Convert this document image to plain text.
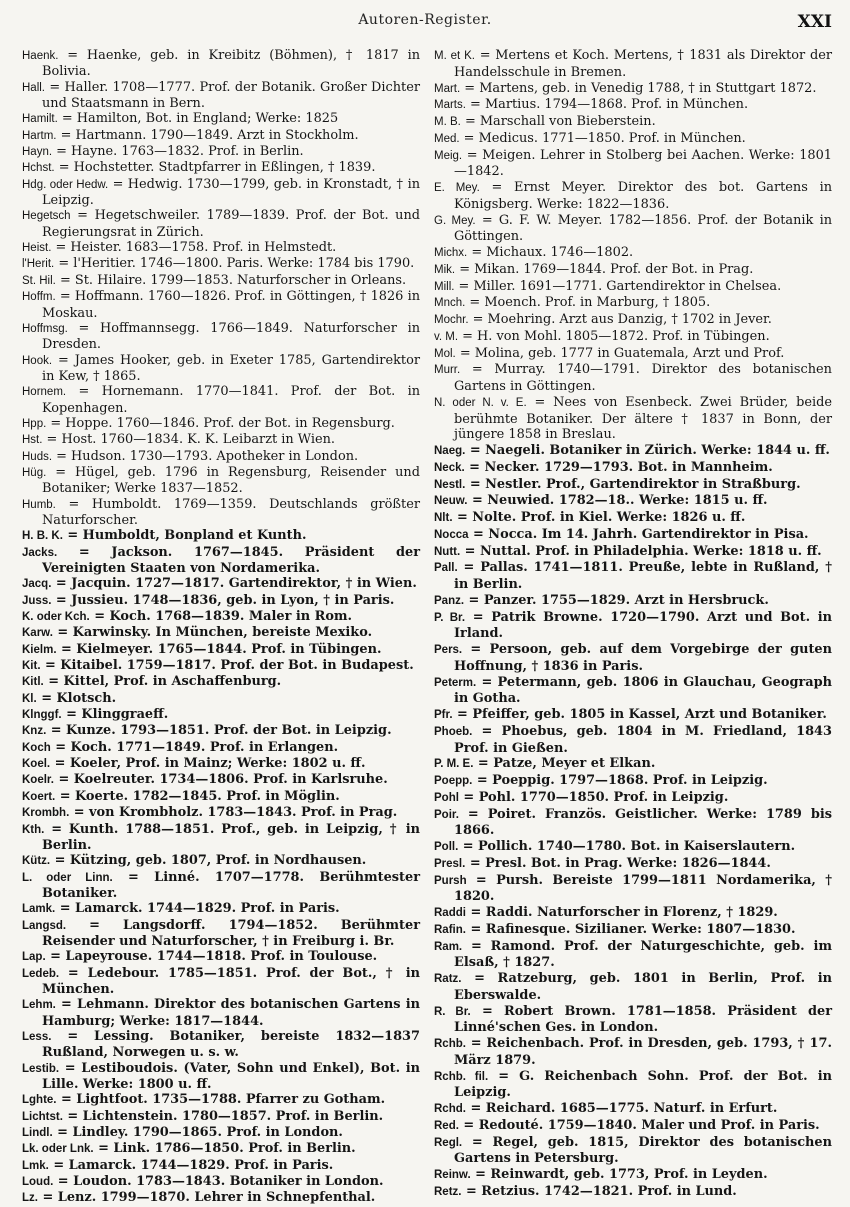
Autoren-Register.	XXI

Haenk. = Haenke, geb. in Kreibitz (Böhmen), † 1817 in Bolivia.

Hall. = Haller. 1708—1777. Prof. der Botanik. Großer Dichter und Staatsmann in Bern.

Hamilt. = Hamilton, Bot. in England; Werke: 1825

Hartm. = Hartmann. 1790—1849. Arzt in Stockholm.

Hayn. = Hayne. 1763—1832. Prof. in Berlin.

Hchst. = Hochstetter. Stadtpfarrer in Eßlingen, † 1839.

Hdg. oder Hedw. = Hedwig. 1730—1799, geb. in Kronstadt, † in Leipzig.

Hegetsch = Hegetschweiler. 1789—1839. Prof. der Bot. und Regierungsrat in Zürich.

Heist. = Heister. 1683—1758. Prof. in Helmstedt.

l'Herit. = l'Heritier. 1746—1800. Paris. Werke: 1784 bis 1790.

St. Hil. = St. Hilaire. 1799—1853. Naturforscher in Orleans.

Hoffm. = Hoffmann. 1760—1826. Prof. in Göttingen, † 1826 in Moskau.

Hoffmsg. = Hoffmannsegg. 1766—1849. Naturforscher in Dresden.

Hook. = James Hooker, geb. in Exeter 1785, Gartendirektor in Kew, † 1865.

Hornem. = Hornemann. 1770—1841. Prof. der Bot. in Kopenhagen.

Hpp. = Hoppe. 1760—1846. Prof. der Bot. in Regensburg.

Hst. = Host. 1760—1834. K. K. Leibarzt in Wien.

Huds. = Hudson. 1730—1793. Apotheker in London.

Hüg. = Hügel, geb. 1796 in Regensburg, Reisender und Botaniker; Werke 1837—1852.

Humb. = Humboldt. 1769—1359. Deutschlands größter Naturforscher.

H. B. K. = Humboldt, Bonpland et Kunth.

Jacks. = Jackson. 1767—1845. Präsident der Vereinigten Staaten von Nordamerika.

Jacq. = Jacquin. 1727—1817. Gartendirektor, † in Wien.

Juss. = Jussieu. 1748—1836, geb. in Lyon, † in Paris.

K. oder Kch. = Koch. 1768—1839. Maler in Rom.

Karw. = Karwinsky. In München, bereiste Mexiko.

Kielm. = Kielmeyer. 1765—1844. Prof. in Tübingen.

Kit. = Kitaibel. 1759—1817. Prof. der Bot. in Budapest.

Kitl. = Kittel, Prof. in Aschaffenburg.

Kl. = Klotsch.

Klnggf. = Klinggraeff.

Knz. = Kunze. 1793—1851. Prof. der Bot. in Leipzig.

Koch = Koch. 1771—1849. Prof. in Erlangen.

Koel. = Koeler, Prof. in Mainz; Werke: 1802 u. ff.

Koelr. = Koelreuter. 1734—1806. Prof. in Karlsruhe.

Koert. = Koerte. 1782—1845. Prof. in Möglin.

Krombh. = von Krombholz. 1783—1843. Prof. in Prag.

Kth. = Kunth. 1788—1851. Prof., geb. in Leipzig, † in Berlin.

Kütz. = Kützing, geb. 1807, Prof. in Nordhausen.

L. oder Linn. = Linné. 1707—1778. Berühmtester Botaniker.

Lamk. = Lamarck. 1744—1829. Prof. in Paris.

Langsd. = Langsdorff. 1794—1852. Berühmter Reisender und Naturforscher, † in Freiburg i. Br.

Lap. = Lapeyrouse. 1744—1818. Prof. in Toulouse.

Ledeb. = Ledebour. 1785—1851. Prof. der Bot., † in München.

Lehm. = Lehmann. Direktor des botanischen Gartens in Hamburg; Werke: 1817—1844.

Less. = Lessing. Botaniker, bereiste 1832—1837 Rußland, Norwegen u. s. w.

Lestib. = Lestiboudois. (Vater, Sohn und Enkel), Bot. in Lille. Werke: 1800 u. ff.

Lghte. = Lightfoot. 1735—1788. Pfarrer zu Gotham.

Lichtst. = Lichtenstein. 1780—1857. Prof. in Berlin.

Lindl. = Lindley. 1790—1865. Prof. in London.

Lk. oder Lnk. = Link. 1786—1850. Prof. in Berlin.

Lmk. = Lamarck. 1744—1829. Prof. in Paris.

Loud. = Loudon. 1783—1843. Botaniker in London.

Lz. = Lenz. 1799—1870. Lehrer in Schnepfenthal.

M. et K. = Mertens et Koch. Mertens, † 1831 als Direktor der Handelsschule in Bremen.

Mart. = Martens, geb. in Venedig 1788, † in Stuttgart 1872.

Marts. = Martius. 1794—1868. Prof. in München.

M. B. = Marschall von Bieberstein.

Med. = Medicus. 1771—1850. Prof. in München.

Meig. = Meigen. Lehrer in Stolberg bei Aachen. Werke: 1801—1842.

E. Mey. = Ernst Meyer. Direktor des bot. Gartens in Königsberg. Werke: 1822—1836.

G. Mey. = G. F. W. Meyer. 1782—1856. Prof. der Botanik in Göttingen.

Michx. = Michaux. 1746—1802.

Mik. = Mikan. 1769—1844. Prof. der Bot. in Prag.

Mill. = Miller. 1691—1771. Gartendirektor in Chelsea.

Mnch. = Moench. Prof. in Marburg, † 1805.

Mochr. = Moehring. Arzt aus Danzig, † 1702 in Jever.

v. M. = H. von Mohl. 1805—1872. Prof. in Tübingen.

Mol. = Molina, geb. 1777 in Guatemala, Arzt und Prof.

Murr. = Murray. 1740—1791. Direktor des botanischen Gartens in Göttingen.

N. oder N. v. E. = Nees von Esenbeck. Zwei Brüder, beide berühmte Botaniker. Der ältere † 1837 in Bonn, der jüngere 1858 in Breslau.

Naeg. = Naegeli. Botaniker in Zürich. Werke: 1844 u. ff.

Neck. = Necker. 1729—1793. Bot. in Mannheim.

Nestl. = Nestler. Prof., Gartendirektor in Straßburg.

Neuw. = Neuwied. 1782—18.. Werke: 1815 u. ff.

Nlt. = Nolte. Prof. in Kiel. Werke: 1826 u. ff.

Nocca = Nocca. Im 14. Jahrh. Gartendirektor in Pisa.

Nutt. = Nuttal. Prof. in Philadelphia. Werke: 1818 u. ff.

Pall. = Pallas. 1741—1811. Preuße, lebte in Rußland, † in Berlin.

Panz. = Panzer. 1755—1829. Arzt in Hersbruck.

P. Br. = Patrik Browne. 1720—1790. Arzt und Bot. in Irland.

Pers. = Persoon, geb. auf dem Vorgebirge der guten Hoffnung, † 1836 in Paris.

Peterm. = Petermann, geb. 1806 in Glauchau, Geograph in Gotha.

Pfr. = Pfeiffer, geb. 1805 in Kassel, Arzt und Botaniker.

Phoeb. = Phoebus, geb. 1804 in M. Friedland, 1843 Prof. in Gießen.

P. M. E. = Patze, Meyer et Elkan.

Poepp. = Poeppig. 1797—1868. Prof. in Leipzig.

Pohl = Pohl. 1770—1850. Prof. in Leipzig.

Poir. = Poiret. Französ. Geistlicher. Werke: 1789 bis 1866.

Poll. = Pollich. 1740—1780. Bot. in Kaiserslautern.

Presl. = Presl. Bot. in Prag. Werke: 1826—1844.

Pursh = Pursh. Bereiste 1799—1811 Nordamerika, † 1820.

Raddi = Raddi. Naturforscher in Florenz, † 1829.

Rafin. = Rafinesque. Sizilianer. Werke: 1807—1830.

Ram. = Ramond. Prof. der Naturgeschichte, geb. im Elsaß, † 1827.

Ratz. = Ratzeburg, geb. 1801 in Berlin, Prof. in Eberswalde.

R. Br. = Robert Brown. 1781—1858. Präsident der Linné'schen Ges. in London.

Rchb. = Reichenbach. Prof. in Dresden, geb. 1793, † 17. März 1879.

Rchb. fil. = G. Reichenbach Sohn. Prof. der Bot. in Leipzig.

Rchd. = Reichard. 1685—1775. Naturf. in Erfurt.

Red. = Redouté. 1759—1840. Maler und Prof. in Paris.

Regl. = Regel, geb. 1815, Direktor des botanischen Gartens in Petersburg.

Reinw. = Reinwardt, geb. 1773, Prof. in Leyden.

Retz. = Retzius. 1742—1821. Prof. in Lund.
